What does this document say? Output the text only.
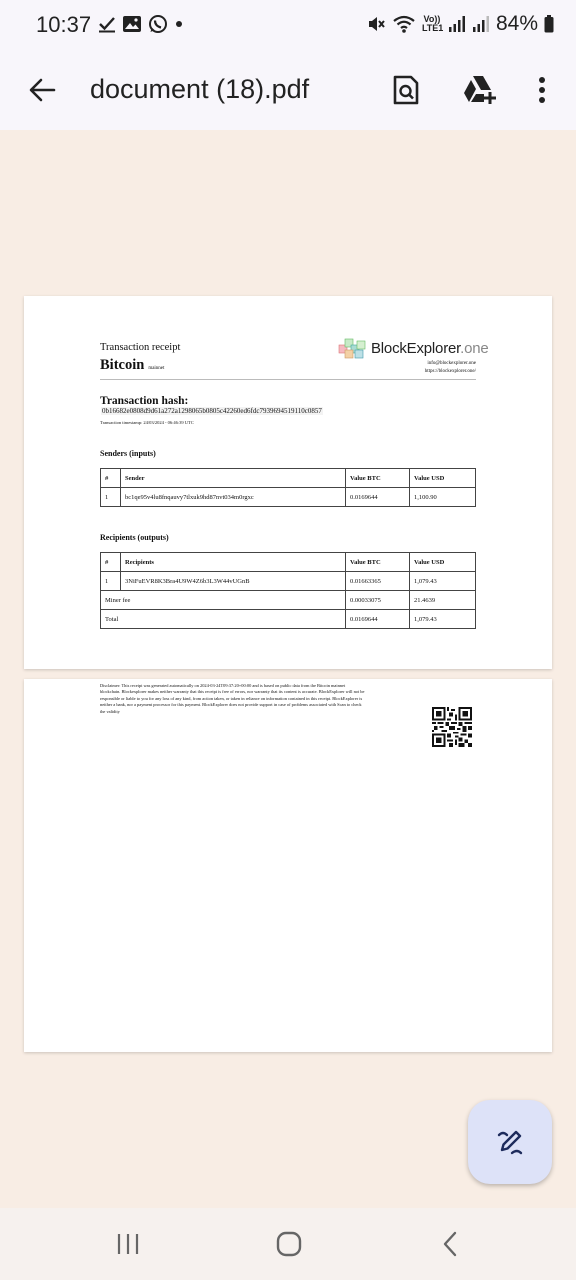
10:37	Vo)) LTE1	84%
document (18).pdf
Transaction receipt
Bitcoin mainnet
BlockExplorer.one
info@blockexplorer.one
https://blockexplorer.one/
Transaction hash:
0b16682e0808d9d61a272a1298065b0805c42260ed6fdc7939694519110c0857
Transaction timestamp: 24/03/2024 - 06:46:39 UTC
Senders (inputs)
#	Sender	Value BTC	Value USD
1	bc1qe95v4lu8fnqauvy7tlxuk9hd87nvt034m0rgxc	0.0169644	1,100.90
Recipients (outputs)
#	Recipients	Value BTC	Value USD
1	3NiFuEVR8K3Bra4U9W4Z6b3L3W44vUGnB	0.01663365	1,079.43
Miner fee		0.00033075	21.4639
Total		0.0169644	1,079.43
Disclaimer: This receipt was generated automatically on 2024-03-24T09:37:20+00:00 and is based on public data from the Bitcoin mainnet blockchain. Blockexplorer makes neither warranty that this receipt is free of errors, nor warranty that its content is accurate. BlockExplorer will not be responsible or liable to you for any loss of any kind, from action taken, or taken in reliance on information contained in this receipt. BlockExplorer is neither a bank, nor a payment processor for this payment. BlockExplorer does not provide support in case of problems associated with Scan to check the validity
